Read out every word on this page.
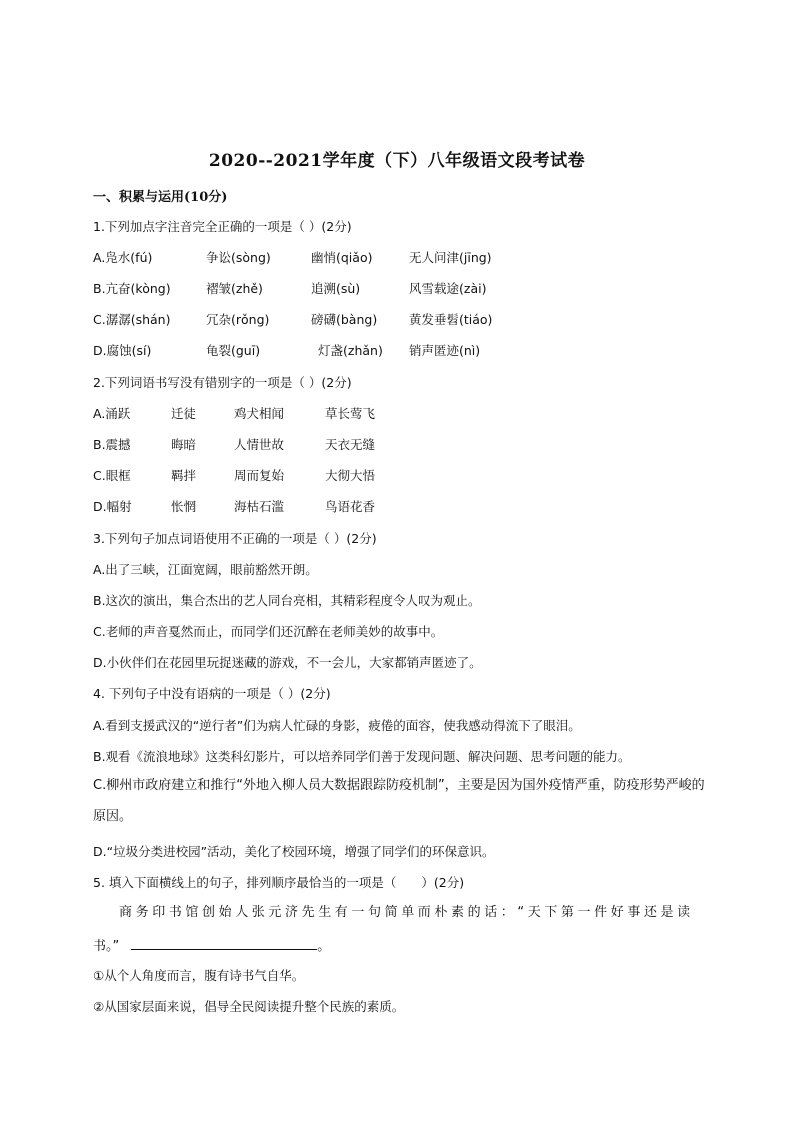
2020--2021学年度（下）八年级语文段考试卷
一、积累与运用(10分)
1.下列加点字注音完全正确的一项是（ ）(2分)
A.凫水(fú)	争讼(sòng)	幽悄(qiǎo)	无人问津(jīng)
B.亢奋(kòng)	褶皱(zhě)	追溯(sù)	风雪载途(zài)
C.潺潺(shán)	冗杂(rǒng)	磅礴(bàng)	黄发垂髫(tiáo)
D.腐蚀(sí)	龟裂(guī)	灯盏(zhǎn) 销声匿迹(nì)
2.下列词语书写没有错别字的一项是（ ）(2分)
A.涌跃	迁徒	鸡犬相闻	草长莺飞
B.震撼	晦暗	人情世故	天衣无缝
C.眼框	羁拌	周而复始	大彻大悟
D.幅射	怅惘	海枯石滥	鸟语花香
3.下列句子加点词语使用不正确的一项是（ ）(2分)
A.出了三峡，江面宽阔，眼前豁然开朗。
B.这次的演出，集合杰出的艺人同台亮相，其精彩程度令人叹为观止。
C.老师的声音戛然而止，而同学们还沉醉在老师美妙的故事中。
D.小伙伴们在花园里玩捉迷藏的游戏，不一会儿，大家都销声匿迹了。
4. 下列句子中没有语病的一项是（ ）(2分)
A.看到支援武汉的“逆行者”们为病人忙碌的身影，疲倦的面容，使我感动得流下了眼泪。
B.观看《流浪地球》这类科幻影片，可以培养同学们善于发现问题、解决问题、思考问题的能力。
C.柳州市政府建立和推行“外地入柳人员大数据跟踪防疫机制”，主要是因为国外疫情严重，防疫形势严峻的原因。
D.“垃圾分类进校园”活动，美化了校园环境，增强了同学们的环保意识。
5. 填入下面横线上的句子，排列顺序最恰当的一项是（　　）(2分)
商务印书馆创始人张元济先生有一句简单而朴素的话：“天下第一件好事还是读
书。”	。
①从个人角度而言，腹有诗书气自华。
②从国家层面来说，倡导全民阅读提升整个民族的素质。
